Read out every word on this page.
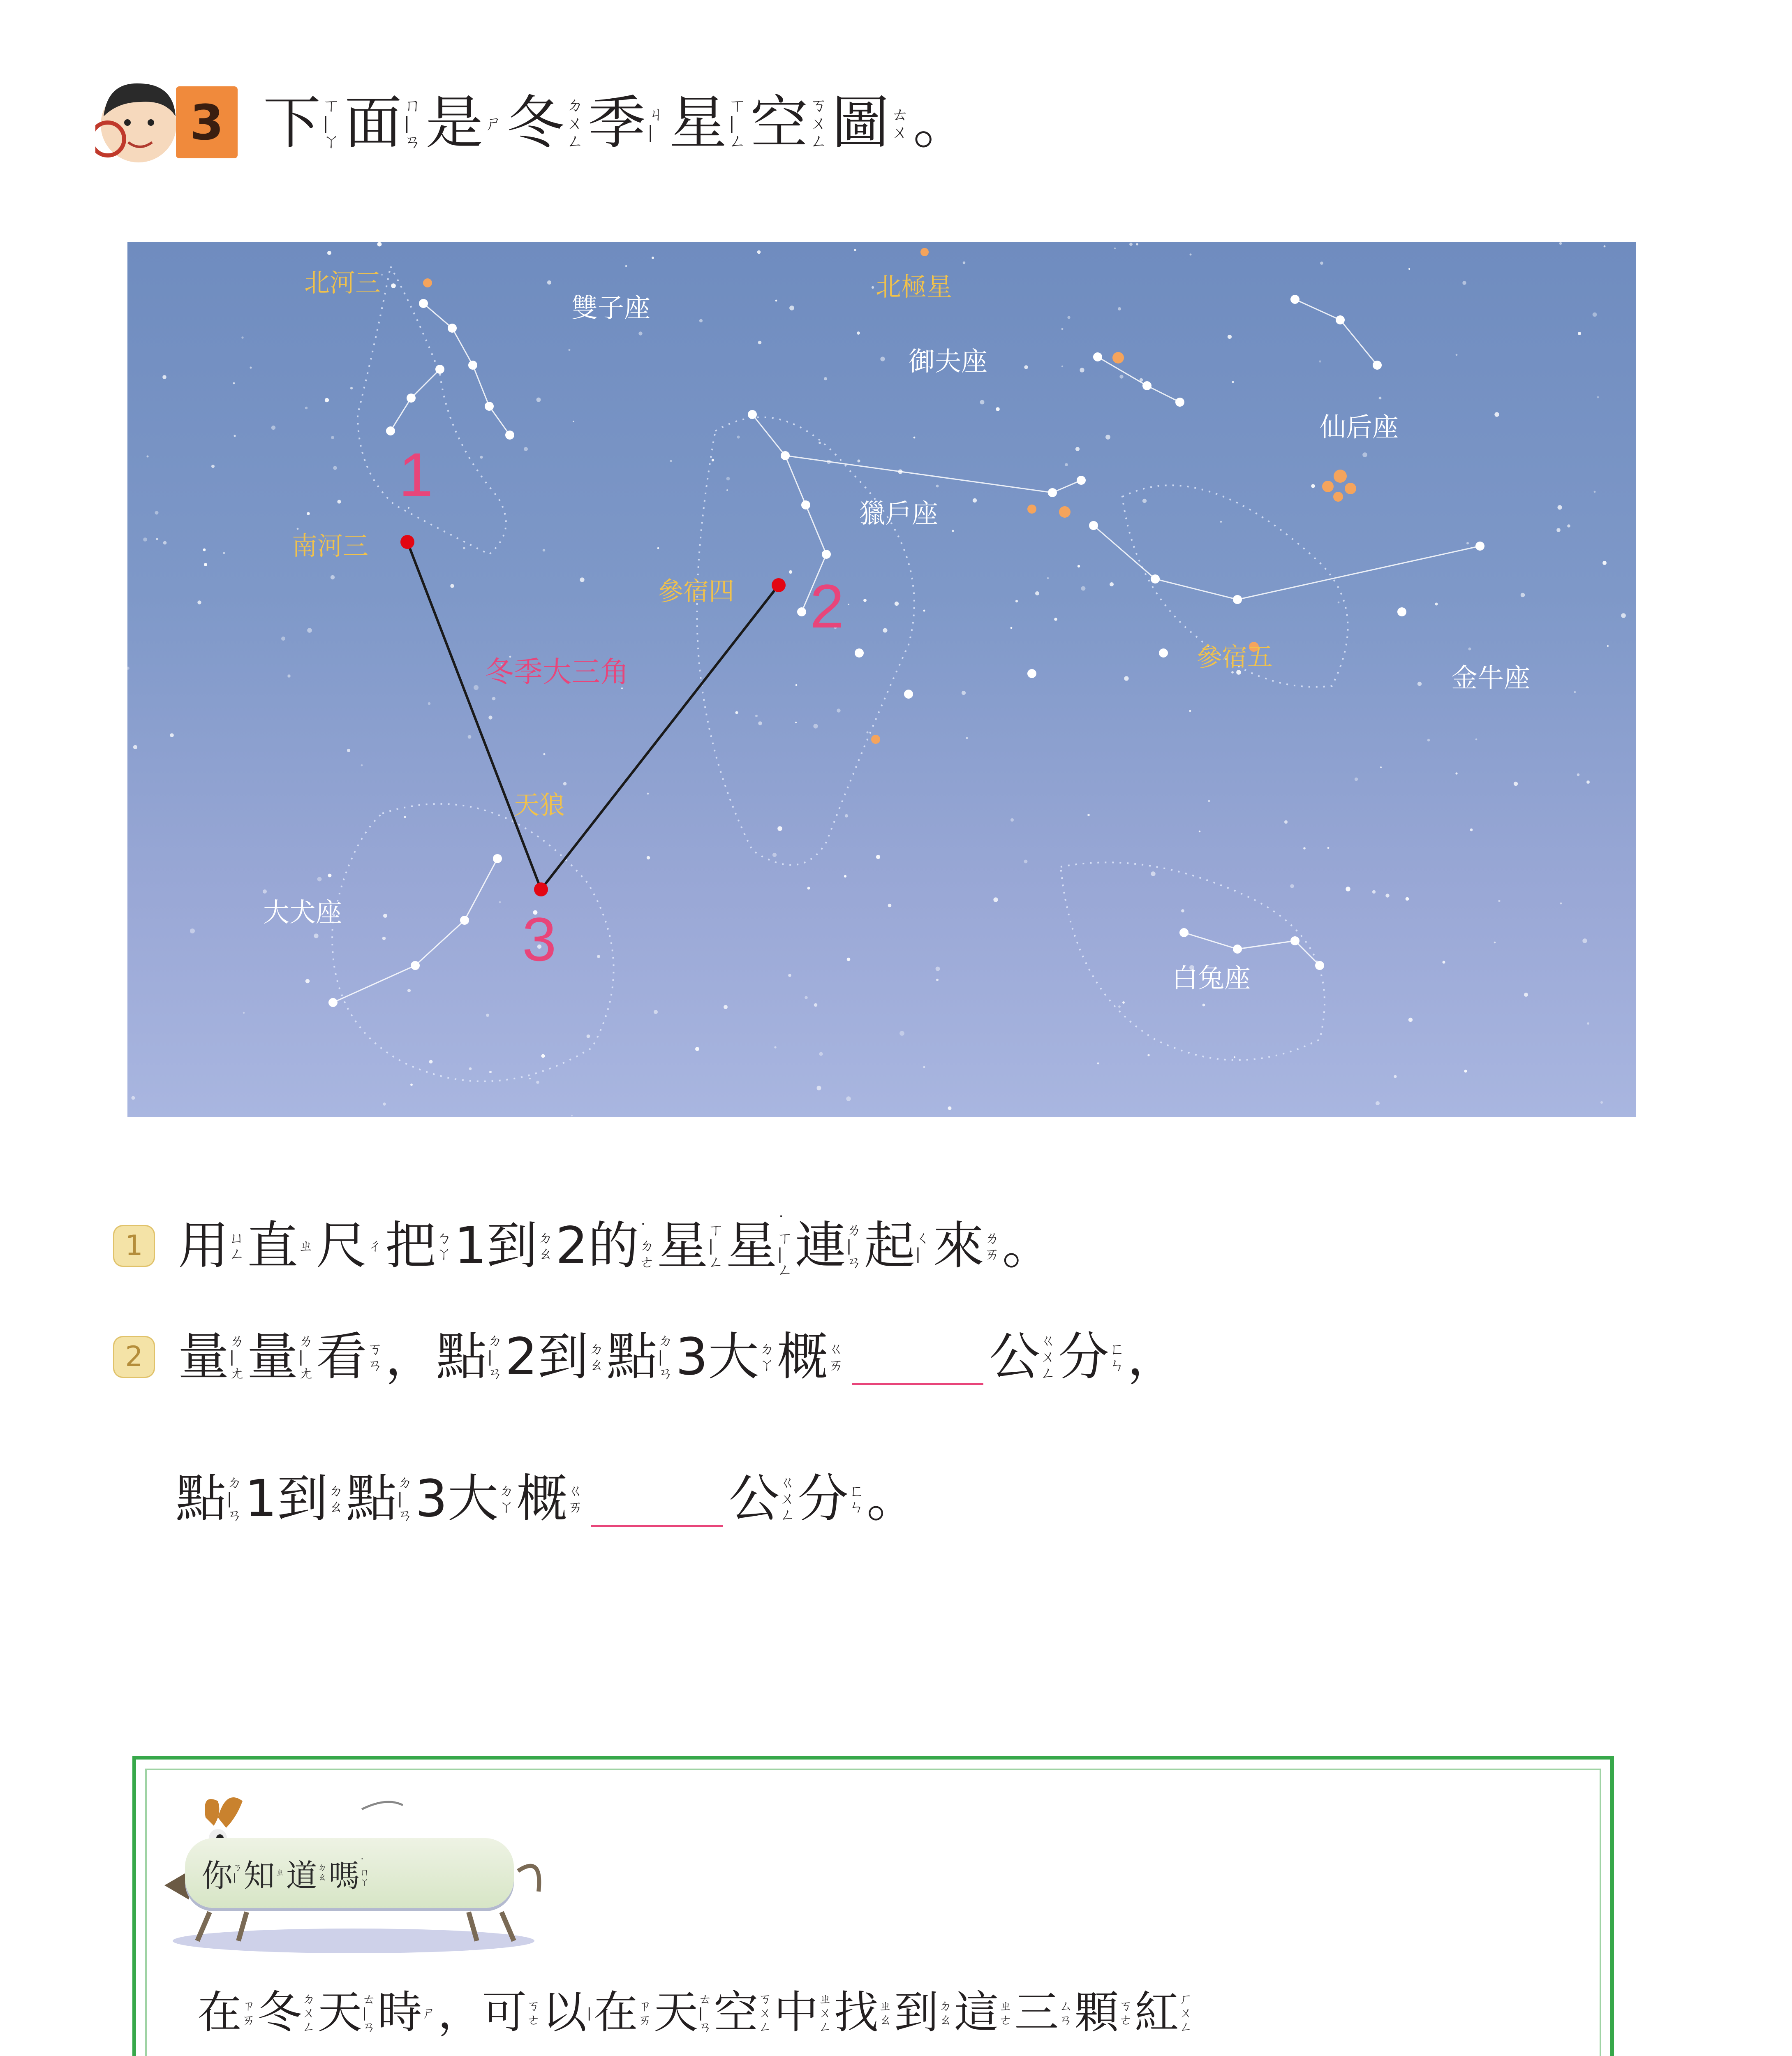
3 下 ㄒ
|
ㄚ 面 ㄇ
|
ㄢ 是 ㄕ 冬 ㄉ
ㄨ
ㄥ 季 ㄐ
| 星 ㄒ
|
ㄥ 空 ㄎ
ㄨ
ㄥ 圖 ㄊ
ㄨ 。
北河三
雙子座
北極星
御夫座
仙后座
獵戶座
南河三
參宿四
參宿五
金牛座
冬季大三角
天狼
大犬座
白兔座
1
2
3
1 用 ㄩ
ㄥ 直 ㄓ 尺 ㄔ 把 ㄅ
ㄚ 1 到 ㄉ
ㄠ 2 的 ˙
ㄉ
ㄜ 星 ㄒ
|
ㄥ 星 ˙
ㄒ
|
ㄥ 連 ㄌ
|
ㄢ 起 ㄑ
| 來 ㄌ
ㄞ 。
2 量 ㄌ
|
ㄤ 量 ㄌ
|
ㄤ 看 ㄎ
ㄢ ， 點 ㄉ
|
ㄢ 2 到 ㄉ
ㄠ 點 ㄉ
|
ㄢ 3 大 ㄉ
ㄚ 概 ㄍ
ㄞ	公 ㄍ
ㄨ
ㄥ 分 ㄈ
ㄣ ，
點 ㄉ
|
ㄢ 1 到 ㄉ
ㄠ 點 ㄉ
|
ㄢ 3 大 ㄉ
ㄚ 概 ㄍ
ㄞ	公 ㄍ
ㄨ
ㄥ 分 ㄈ
ㄣ 。
你 ㄋ
| 知 ㄓ 道 ㄉ
ㄠ 嗎 ˙
ㄇ
ㄚ
在 ㄗ
ㄞ 冬 ㄉ
ㄨ
ㄥ 天 ㄊ
|
ㄢ 時 ㄕ ， 可 ㄎ
ㄜ 以 | 在 ㄗ
ㄞ 天 ㄊ
|
ㄢ 空 ㄎ
ㄨ
ㄥ 中 ㄓ
ㄨ
ㄥ 找 ㄓ
ㄠ 到 ㄉ
ㄠ 這 ㄓ
ㄜ 三 ㄙ
ㄢ 顆 ㄎ
ㄜ 紅 ㄏ
ㄨ
ㄥ
